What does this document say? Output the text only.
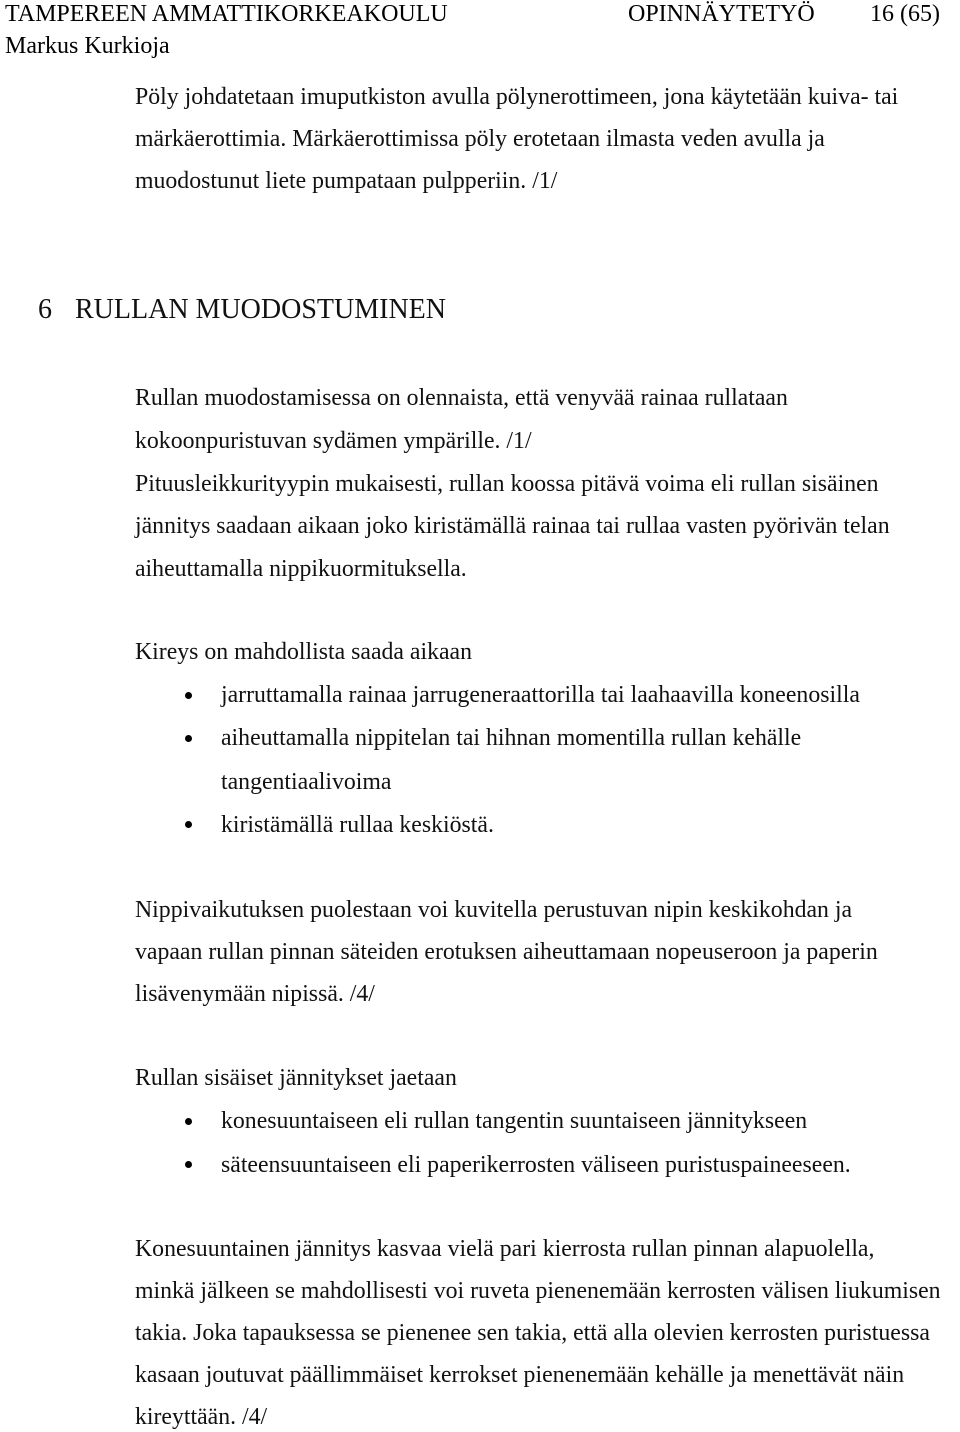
TAMPEREEN AMMATTIKORKEAKOULU	OPINNÄYTETYÖ 16 (65)
Markus Kurkioja
Pöly johdatetaan imuputkiston avulla pölynerottimeen, jona käytetään kuiva- tai
märkäerottimia. Märkäerottimissa pöly erotetaan ilmasta veden avulla ja
muodostunut liete pumpataan pulpperiin. /1/
6 RULLAN MUODOSTUMINEN
Rullan muodostamisessa on olennaista, että venyvää rainaa rullataan
kokoonpuristuvan sydämen ympärille. /1/
Pituusleikkurityypin mukaisesti, rullan koossa pitävä voima eli rullan sisäinen
jännitys saadaan aikaan joko kiristämällä rainaa tai rullaa vasten pyörivän telan
aiheuttamalla nippikuormituksella.
Kireys on mahdollista saada aikaan
jarruttamalla rainaa jarrugeneraattorilla tai laahaavilla koneenosilla
aiheuttamalla nippitelan tai hihnan momentilla rullan kehälle
tangentiaalivoima
kiristämällä rullaa keskiöstä.
Nippivaikutuksen puolestaan voi kuvitella perustuvan nipin keskikohdan ja
vapaan rullan pinnan säteiden erotuksen aiheuttamaan nopeuseroon ja paperin
lisävenymään nipissä. /4/
Rullan sisäiset jännitykset jaetaan
konesuuntaiseen eli rullan tangentin suuntaiseen jännitykseen
säteensuuntaiseen eli paperikerrosten väliseen puristuspaineeseen.
Konesuuntainen jännitys kasvaa vielä pari kierrosta rullan pinnan alapuolella,
minkä jälkeen se mahdollisesti voi ruveta pienenemään kerrosten välisen liukumisen
takia. Joka tapauksessa se pienenee sen takia, että alla olevien kerrosten puristuessa
kasaan joutuvat päällimmäiset kerrokset pienenemään kehälle ja menettävät näin
kireyttään. /4/
